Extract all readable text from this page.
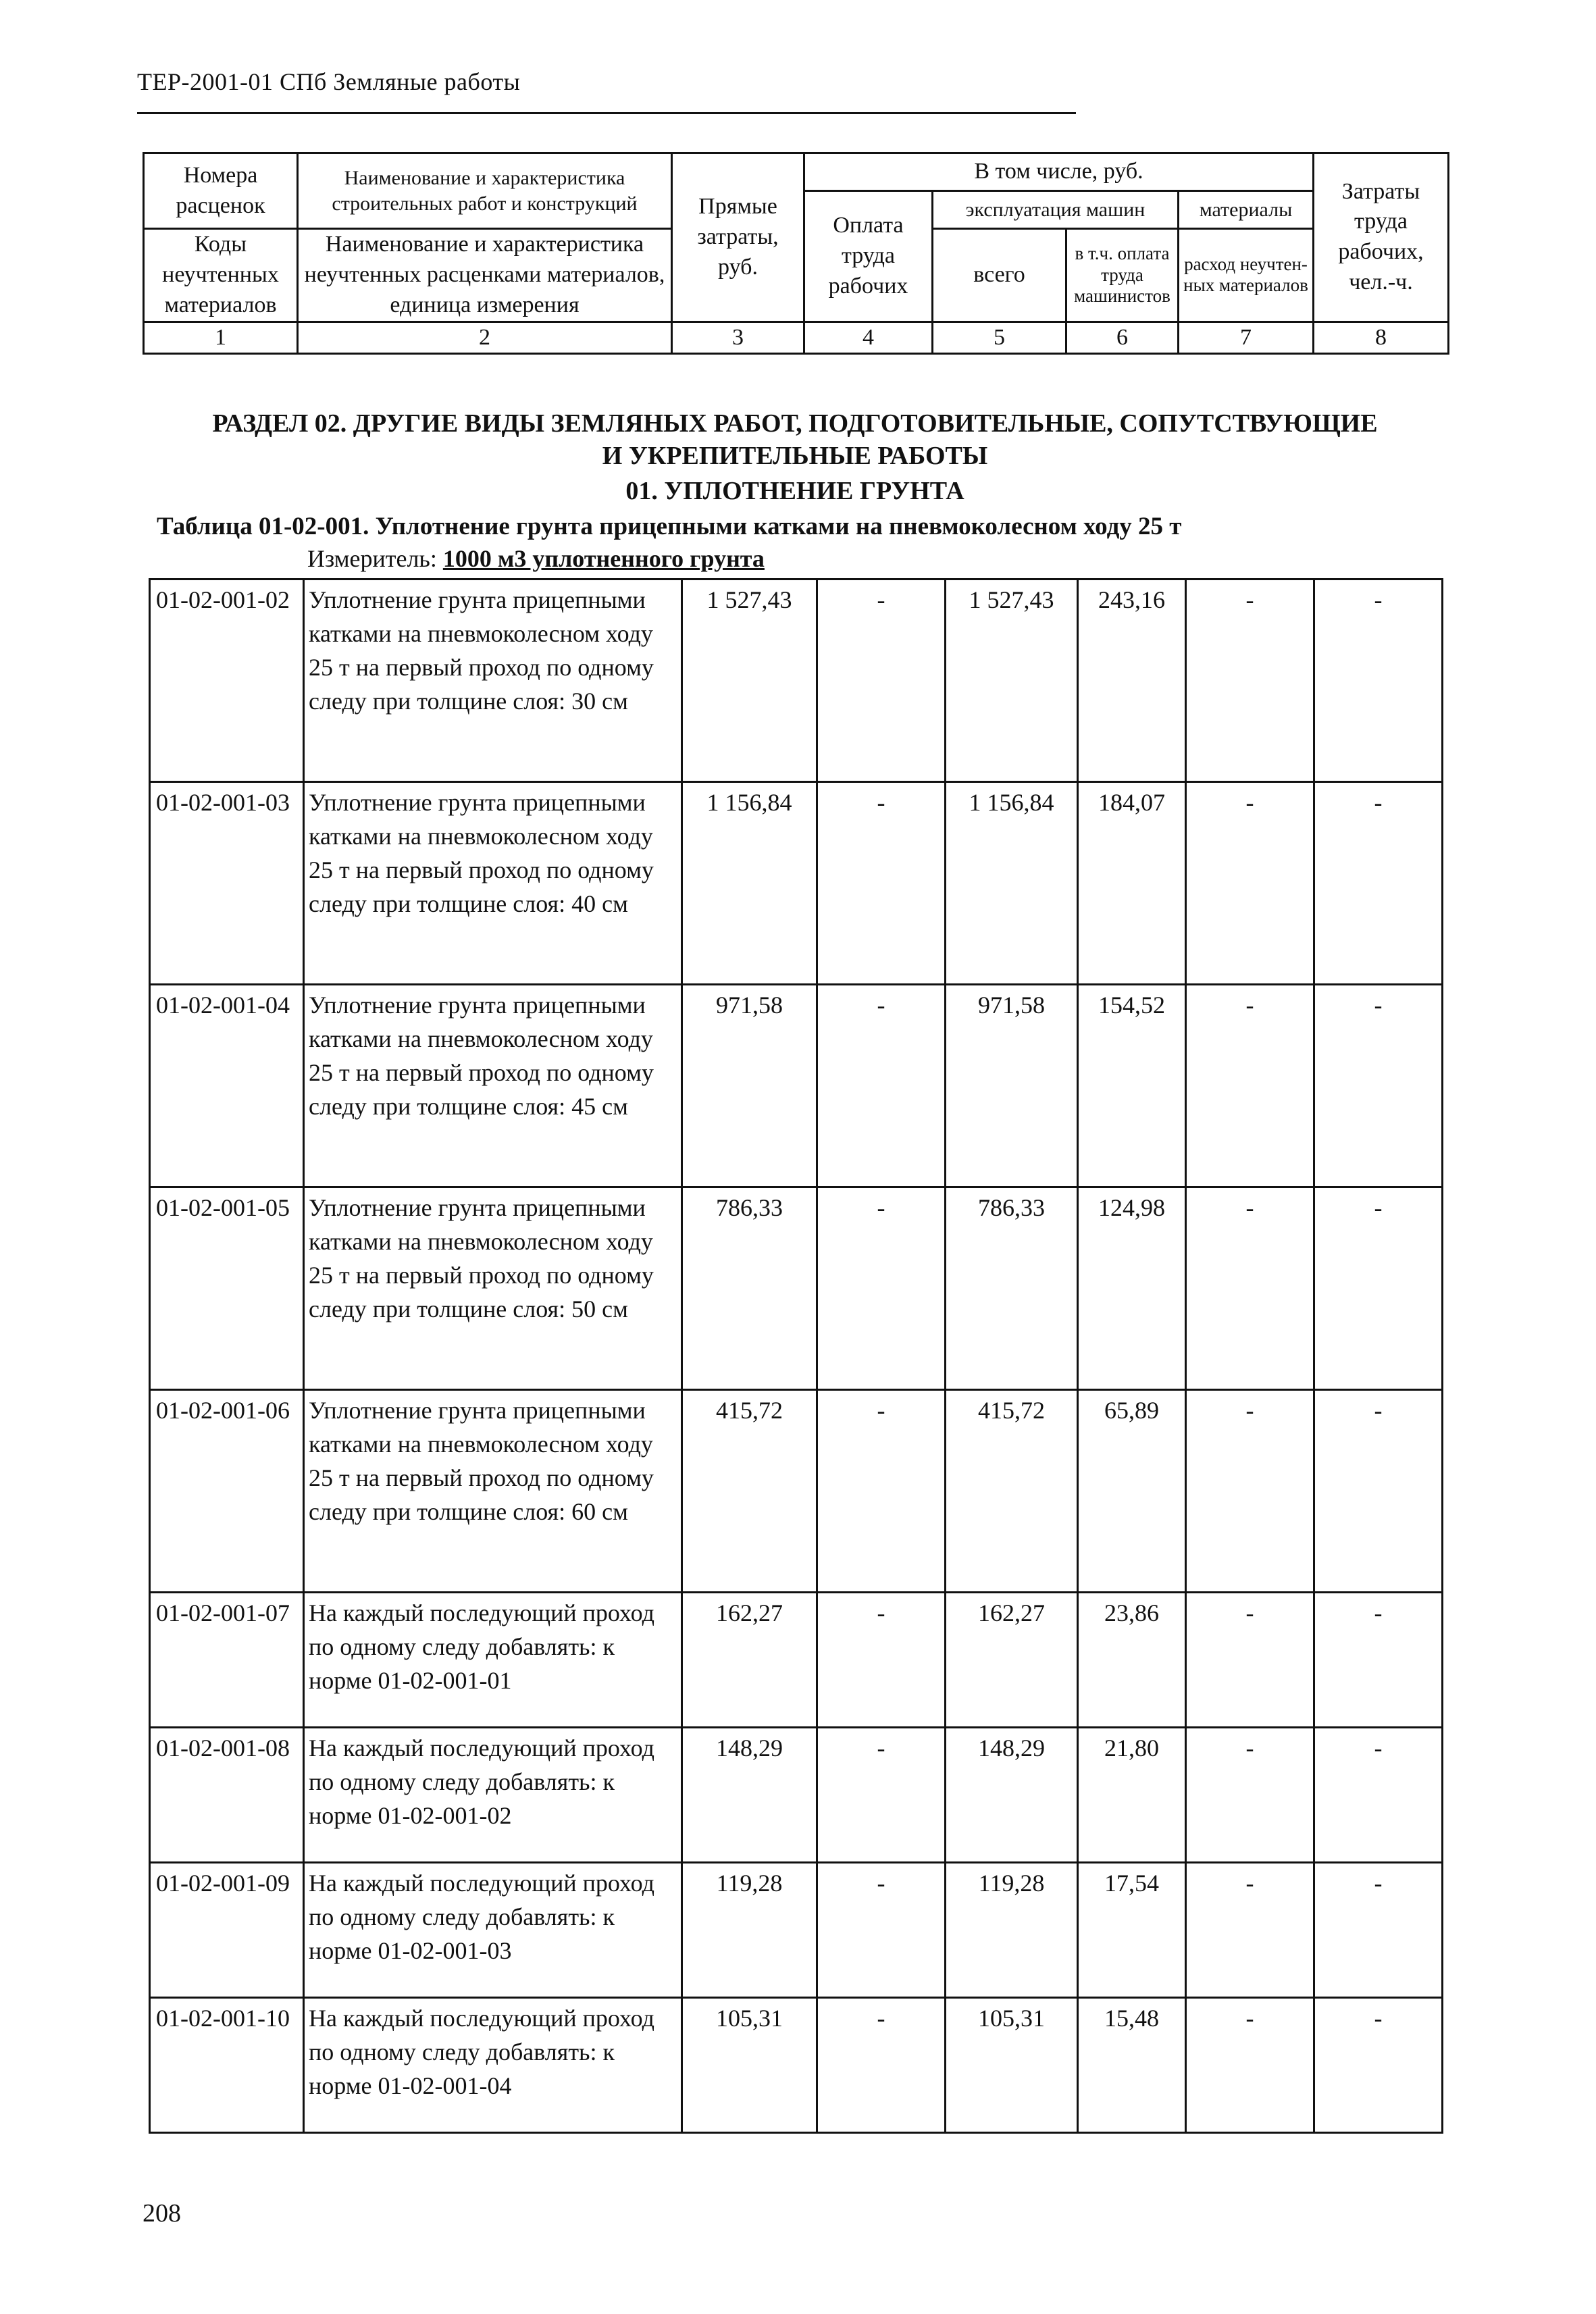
ТЕР-2001-01 СПб Земляные работы
Номера расценок	Наименование и характеристика строительных работ и конструкций	Прямые затраты, руб.	В том числе, руб.				Затраты труда рабочих, чел.-ч.
			Оплата труда рабочих	эксплуатация машин		материалы	
Коды неучтенных материалов	Наименование и характеристика неучтенных расценками материалов, единица измерения			всего	в т.ч. оплата труда машинистов	расход неучтен-ных материалов	

1	2	3	4	5	6	7	8
РАЗДЕЛ 02. ДРУГИЕ ВИДЫ ЗЕМЛЯНЫХ РАБОТ, ПОДГОТОВИТЕЛЬНЫЕ, СОПУТСТВУЮЩИЕ
И УКРЕПИТЕЛЬНЫЕ РАБОТЫ
01. УПЛОТНЕНИЕ ГРУНТА
Таблица 01-02-001. Уплотнение грунта прицепными катками на пневмоколесном ходу 25 т
Измеритель: 1000 м3 уплотненного грунта
01-02-001-02	Уплотнение грунта прицепными катками на пневмоколесном ходу 25 т на первый проход по одному следу при толщине слоя: 30 см	1 527,43	-	1 527,43	243,16	-	-
01-02-001-03	Уплотнение грунта прицепными катками на пневмоколесном ходу 25 т на первый проход по одному следу при толщине слоя: 40 см	1 156,84	-	1 156,84	184,07	-	-
01-02-001-04	Уплотнение грунта прицепными катками на пневмоколесном ходу 25 т на первый проход по одному следу при толщине слоя: 45 см	971,58	-	971,58	154,52	-	-
01-02-001-05	Уплотнение грунта прицепными катками на пневмоколесном ходу 25 т на первый проход по одному следу при толщине слоя: 50 см	786,33	-	786,33	124,98	-	-
01-02-001-06	Уплотнение грунта прицепными катками на пневмоколесном ходу 25 т на первый проход по одному следу при толщине слоя: 60 см	415,72	-	415,72	65,89	-	-
01-02-001-07	На каждый последующий проход по одному следу добавлять: к норме 01-02-001-01	162,27	-	162,27	23,86	-	-
01-02-001-08	На каждый последующий проход по одному следу добавлять: к норме 01-02-001-02	148,29	-	148,29	21,80	-	-
01-02-001-09	На каждый последующий проход по одному следу добавлять: к норме 01-02-001-03	119,28	-	119,28	17,54	-	-
01-02-001-10	На каждый последующий проход по одному следу добавлять: к норме 01-02-001-04	105,31	-	105,31	15,48	-	-
208
